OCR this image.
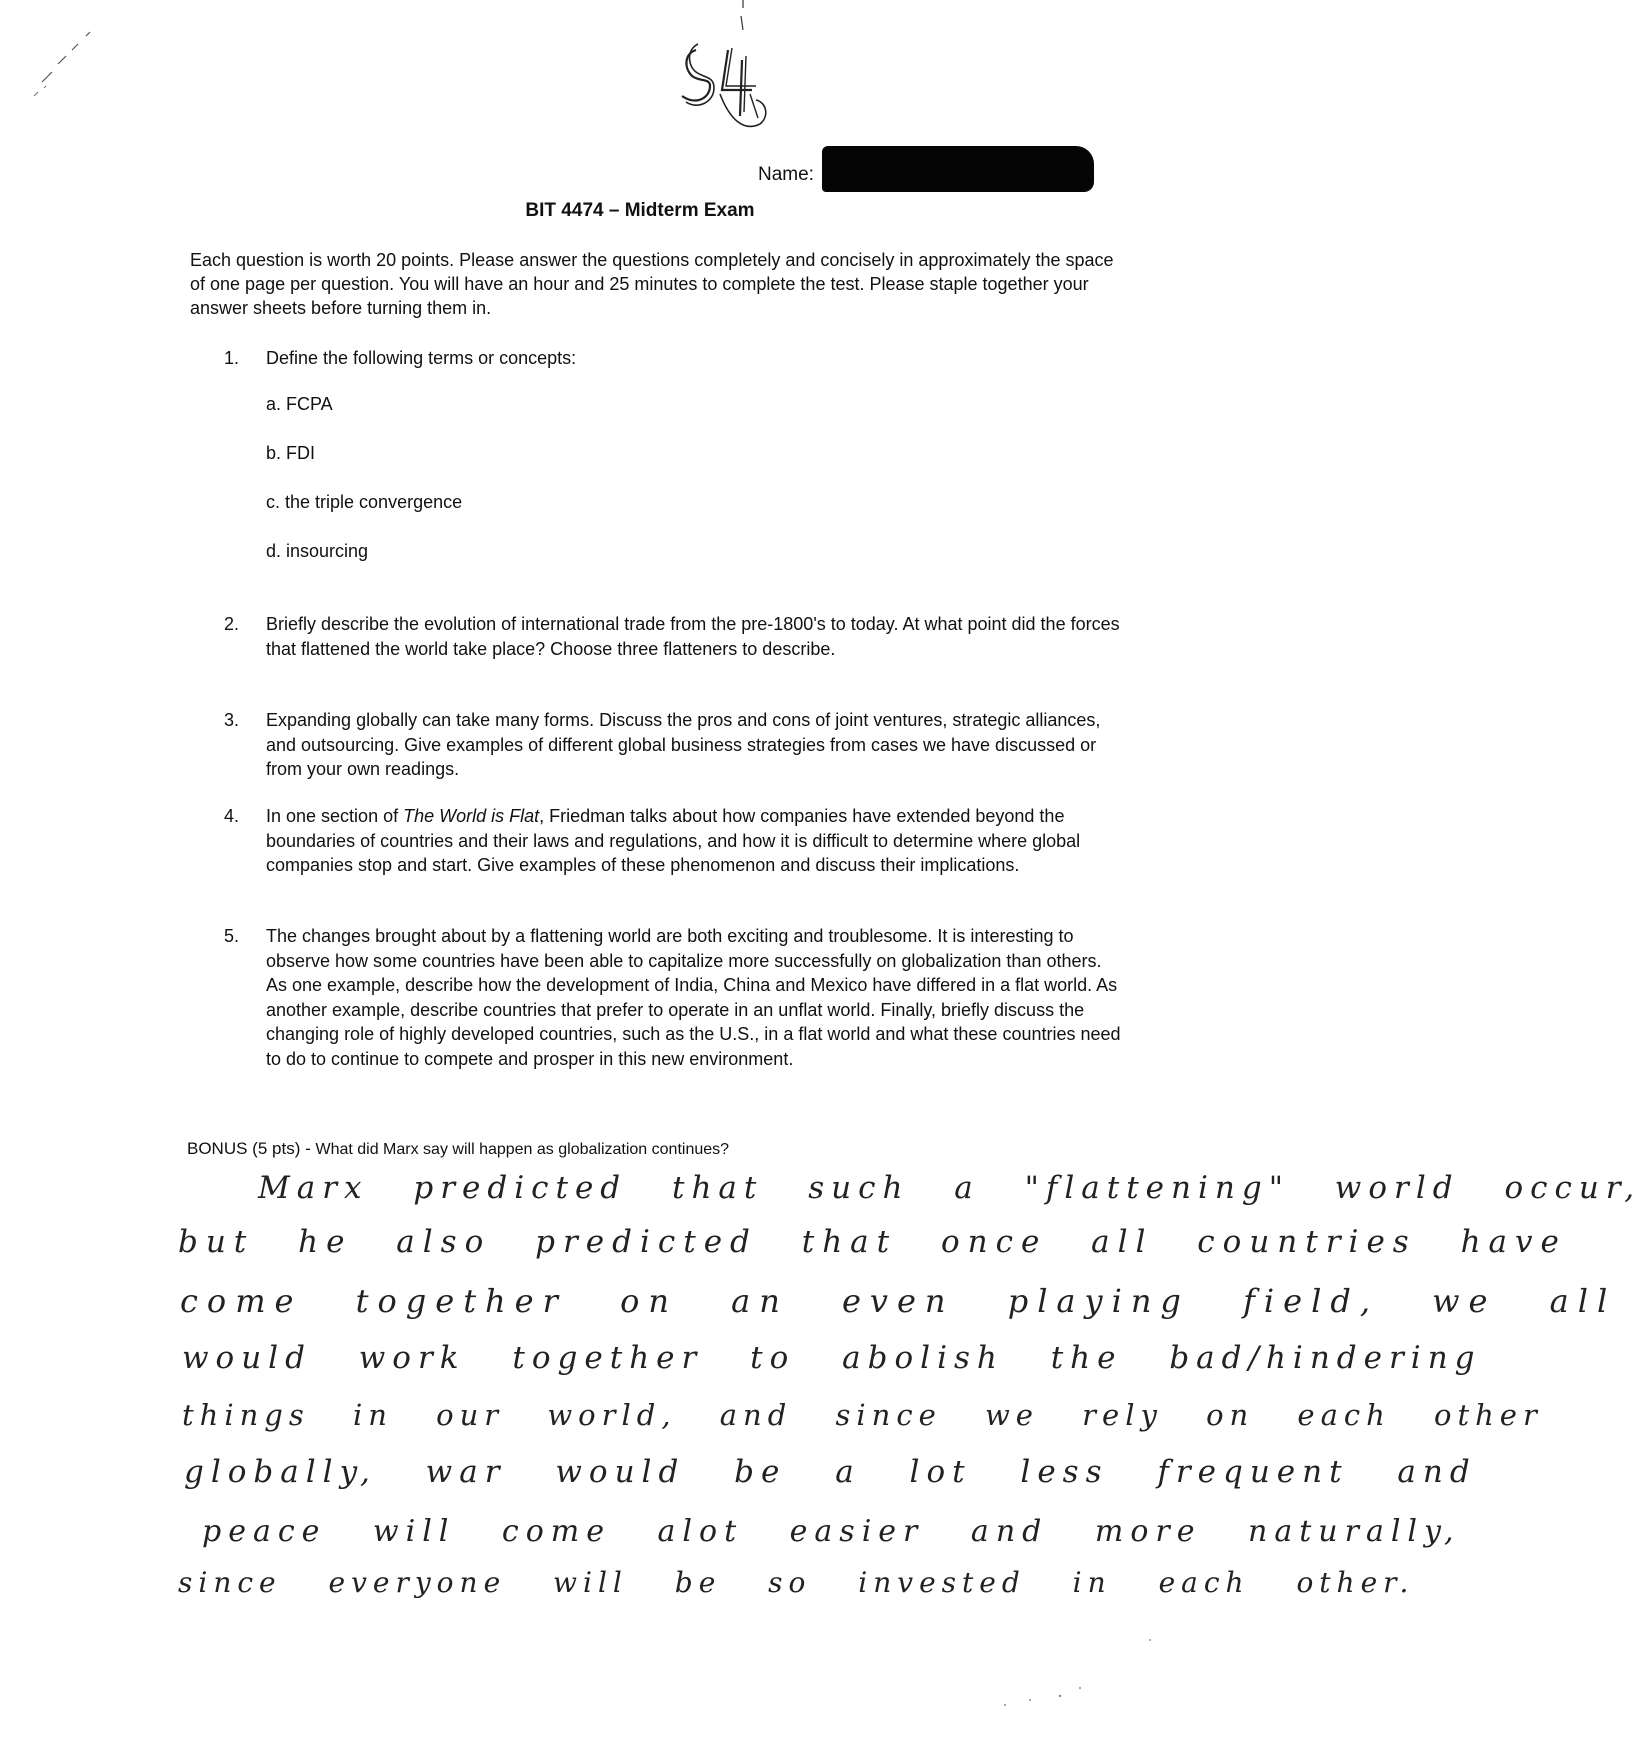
Name:
BIT 4474 – Midterm Exam
Each question is worth 20 points. Please answer the questions completely and concisely in approximately the space of one page per question. You will have an hour and 25 minutes to complete the test. Please staple together your answer sheets before turning them in.
1.	Define the following terms or concepts:
a. FCPA
b. FDI
c. the triple convergence
d. insourcing
2.	Briefly describe the evolution of international trade from the pre-1800's to today. At what point did the forces that flattened the world take place? Choose three flatteners to describe.
3.	Expanding globally can take many forms. Discuss the pros and cons of joint ventures, strategic alliances, and outsourcing. Give examples of different global business strategies from cases we have discussed or from your own readings.
4.	In one section of The World is Flat, Friedman talks about how companies have extended beyond the boundaries of countries and their laws and regulations, and how it is difficult to determine where global companies stop and start. Give examples of these phenomenon and discuss their implications.
5.	The changes brought about by a flattening world are both exciting and troublesome. It is interesting to observe how some countries have been able to capitalize more successfully on globalization than others. As one example, describe how the development of India, China and Mexico have differed in a flat world. As another example, describe countries that prefer to operate in an unflat world. Finally, briefly discuss the changing role of highly developed countries, such as the U.S., in a flat world and what these countries need to do to continue to compete and prosper in this new environment.
BONUS (5 pts) - What did Marx say will happen as globalization continues?
Marx predicted that such a "flattening" world occur,
but he also predicted that once all countries have
come together on an even playing field, we all
would work together to abolish the bad/hindering
things in our world, and since we rely on each other
globally, war would be a lot less frequent and
peace will come alot easier and more naturally,
since everyone will be so invested in each other.
